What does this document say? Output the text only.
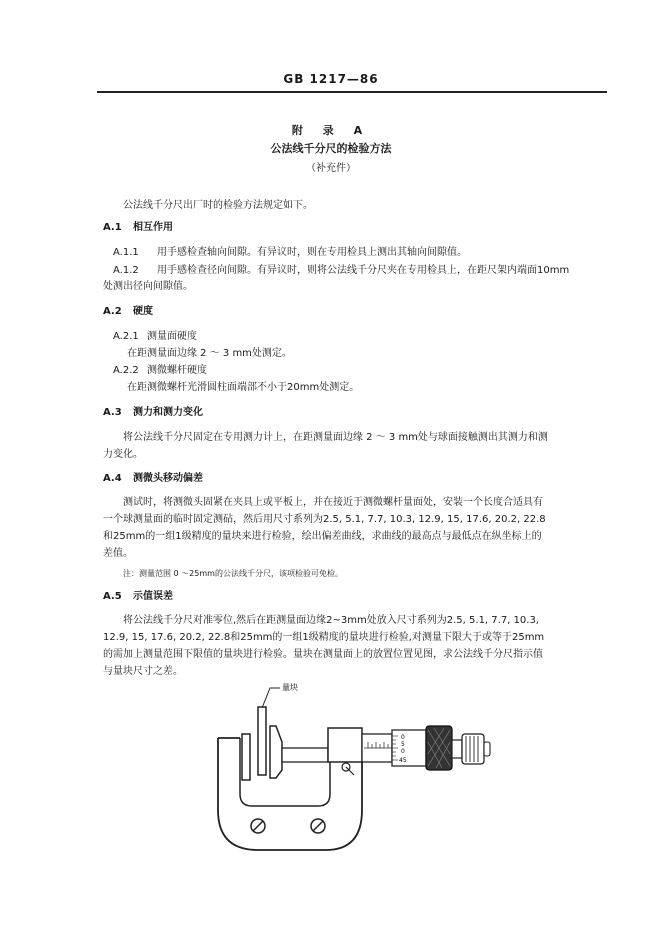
GB 1217—86
附 录 A
公法线千分尺的检验方法
（补充件）
公法线千分尺出厂时的检验方法规定如下。
A.1 相互作用
A.1.1 用手感检查轴向间隙。有异议时，则在专用检具上测出其轴向间隙值。
A.1.2 用手感检查径向间隙。有异议时，则将公法线千分尺夹在专用检具上，在距尺架内端面10mm
处测出径向间隙值。
A.2 硬度
A.2.1 测量面硬度
在距测量面边缘 2 ～ 3 mm处测定。
A.2.2 测微螺杆硬度
在距测微螺杆光滑圆柱面端部不小于20mm处测定。
A.3 测力和测力变化
将公法线千分尺固定在专用测力计上，在距测量面边缘 2 ～ 3 mm处与球面接触测出其测力和测
力变化。
A.4 测微头移动偏差
测试时，将测微头固紧在夹具上或平板上，并在接近于测微螺杆量面处，安装一个长度合适具有
一个球测量面的临时固定测砧，然后用尺寸系列为2.5, 5.1, 7.7, 10.3, 12.9, 15, 17.6, 20.2, 22.8
和25mm的一组1级精度的量块来进行检验，绘出偏差曲线，求曲线的最高点与最低点在纵坐标上的
差值。
注：测量范围 0 ～25mm的公法线千分尺，该项检验可免检。
A.5 示值误差
将公法线千分尺对准零位,然后在距测量面边缘2~3mm处放入尺寸系列为2.5, 5.1, 7.7, 10.3,
12.9, 15, 17.6, 20.2, 22.8和25mm的一组1级精度的量块进行检验,对测量下限大于或等于25mm
的需加上测量范围下限值的量块进行检验。量块在测量面上的放置位置见图，求公法线千分尺指示值
与量块尺寸之差。
量块
0
5
0
45
